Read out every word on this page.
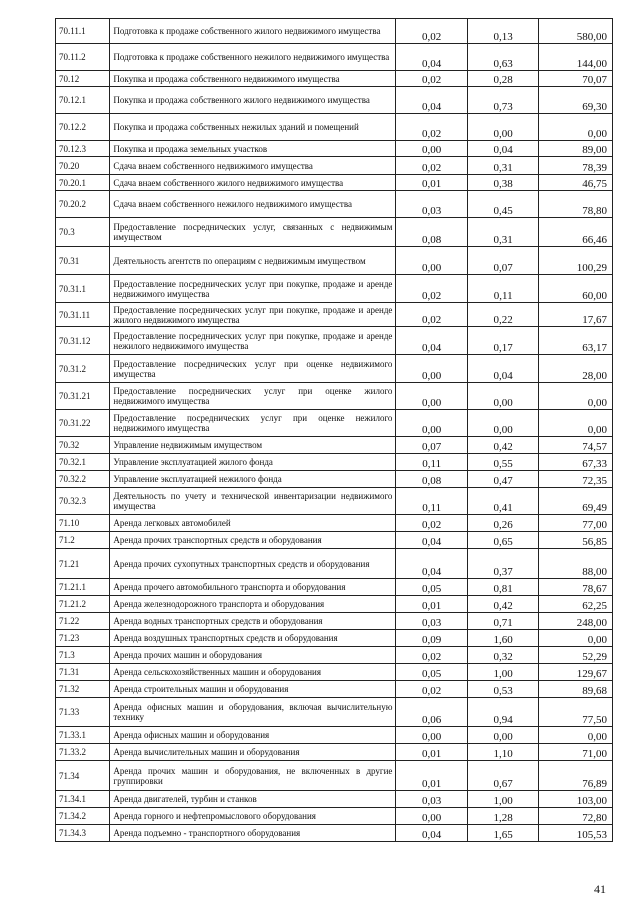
70.11.1	Подготовка к продаже собственного жилого недвижимого имущества	0,02	0,13	580,00
70.11.2	Подготовка к продаже собственного нежилого недвижимого имущества	0,04	0,63	144,00
70.12	Покупка и продажа собственного недвижимого имущества	0,02	0,28	70,07
70.12.1	Покупка и продажа собственного жилого недвижимого имущества	0,04	0,73	69,30
70.12.2	Покупка и продажа собственных нежилых зданий и помещений	0,02	0,00	0,00
70.12.3	Покупка и продажа земельных участков	0,00	0,04	89,00
70.20	Сдача внаем собственного недвижимого имущества	0,02	0,31	78,39
70.20.1	Сдача внаем собственного жилого недвижимого имущества	0,01	0,38	46,75
70.20.2	Сдача внаем собственного нежилого недвижимого имущества	0,03	0,45	78,80
70.3	Предоставление посреднических услуг, связанных с недвижимым имуществом	0,08	0,31	66,46
70.31	Деятельность агентств по операциям с недвижимым имуществом	0,00	0,07	100,29
70.31.1	Предоставление посреднических услуг при покупке, продаже и аренде недвижимого имущества	0,02	0,11	60,00
70.31.11	Предоставление посреднических услуг при покупке, продаже и аренде жилого недвижимого имущества	0,02	0,22	17,67
70.31.12	Предоставление посреднических услуг при покупке, продаже и аренде нежилого недвижимого имущества	0,04	0,17	63,17
70.31.2	Предоставление посреднических услуг при оценке недвижимого имущества	0,00	0,04	28,00
70.31.21	Предоставление посреднических услуг при оценке жилого недвижимого имущества	0,00	0,00	0,00
70.31.22	Предоставление посреднических услуг при оценке нежилого недвижимого имущества	0,00	0,00	0,00
70.32	Управление недвижимым имуществом	0,07	0,42	74,57
70.32.1	Управление эксплуатацией жилого фонда	0,11	0,55	67,33
70.32.2	Управление эксплуатацией нежилого фонда	0,08	0,47	72,35
70.32.3	Деятельность по учету и технической инвентаризации недвижимого имущества	0,11	0,41	69,49
71.10	Аренда легковых автомобилей	0,02	0,26	77,00
71.2	Аренда прочих транспортных средств и оборудования	0,04	0,65	56,85
71.21	Аренда прочих сухопутных транспортных средств и оборудования	0,04	0,37	88,00
71.21.1	Аренда прочего автомобильного транспорта и оборудования	0,05	0,81	78,67
71.21.2	Аренда железнодорожного транспорта и оборудования	0,01	0,42	62,25
71.22	Аренда водных транспортных средств и оборудования	0,03	0,71	248,00
71.23	Аренда воздушных транспортных средств и оборудования	0,09	1,60	0,00
71.3	Аренда прочих машин и оборудования	0,02	0,32	52,29
71.31	Аренда сельскохозяйственных машин и оборудования	0,05	1,00	129,67
71.32	Аренда строительных машин и оборудования	0,02	0,53	89,68
71.33	Аренда офисных машин и оборудования, включая вычислительную технику	0,06	0,94	77,50
71.33.1	Аренда офисных машин и оборудования	0,00	0,00	0,00
71.33.2	Аренда вычислительных машин и оборудования	0,01	1,10	71,00
71.34	Аренда прочих машин и оборудования, не включенных в другие группировки	0,01	0,67	76,89
71.34.1	Аренда двигателей, турбин и станков	0,03	1,00	103,00
71.34.2	Аренда горного и нефтепромыслового оборудования	0,00	1,28	72,80
71.34.3	Аренда подъемно - транспортного оборудования	0,04	1,65	105,53
41
